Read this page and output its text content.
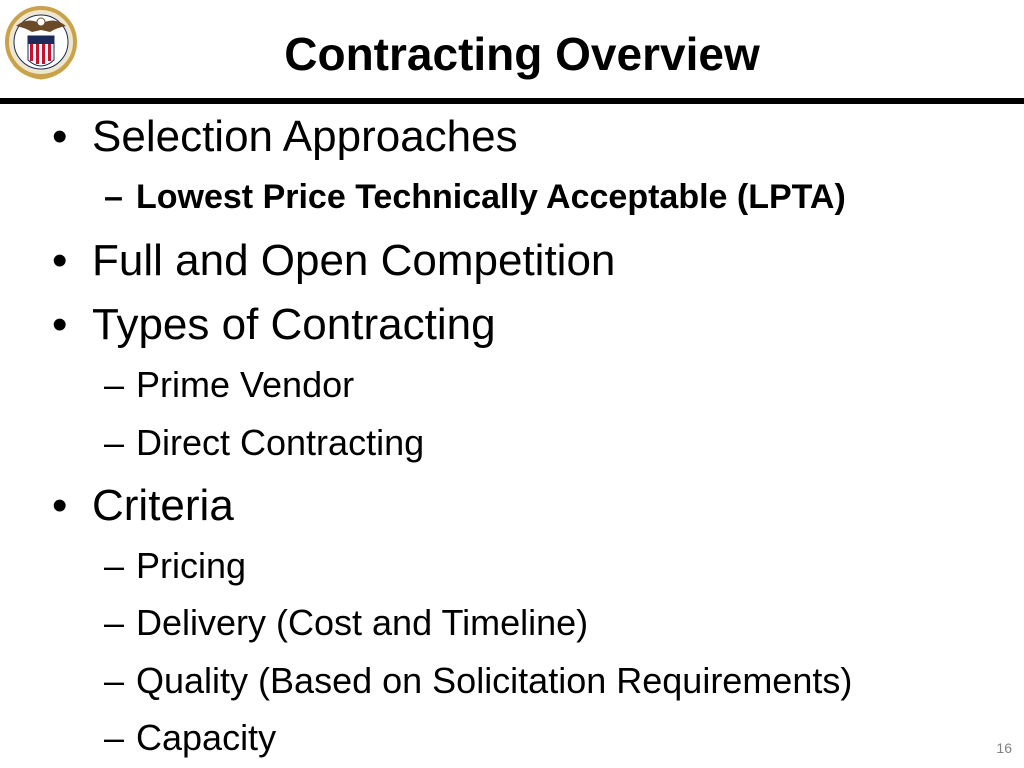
Contracting Overview
• Selection Approaches
– Lowest Price Technically Acceptable (LPTA)
• Full and Open Competition
• Types of Contracting
– Prime Vendor
– Direct Contracting
• Criteria
– Pricing
– Delivery (Cost and Timeline)
– Quality (Based on Solicitation Requirements)
– Capacity	16
